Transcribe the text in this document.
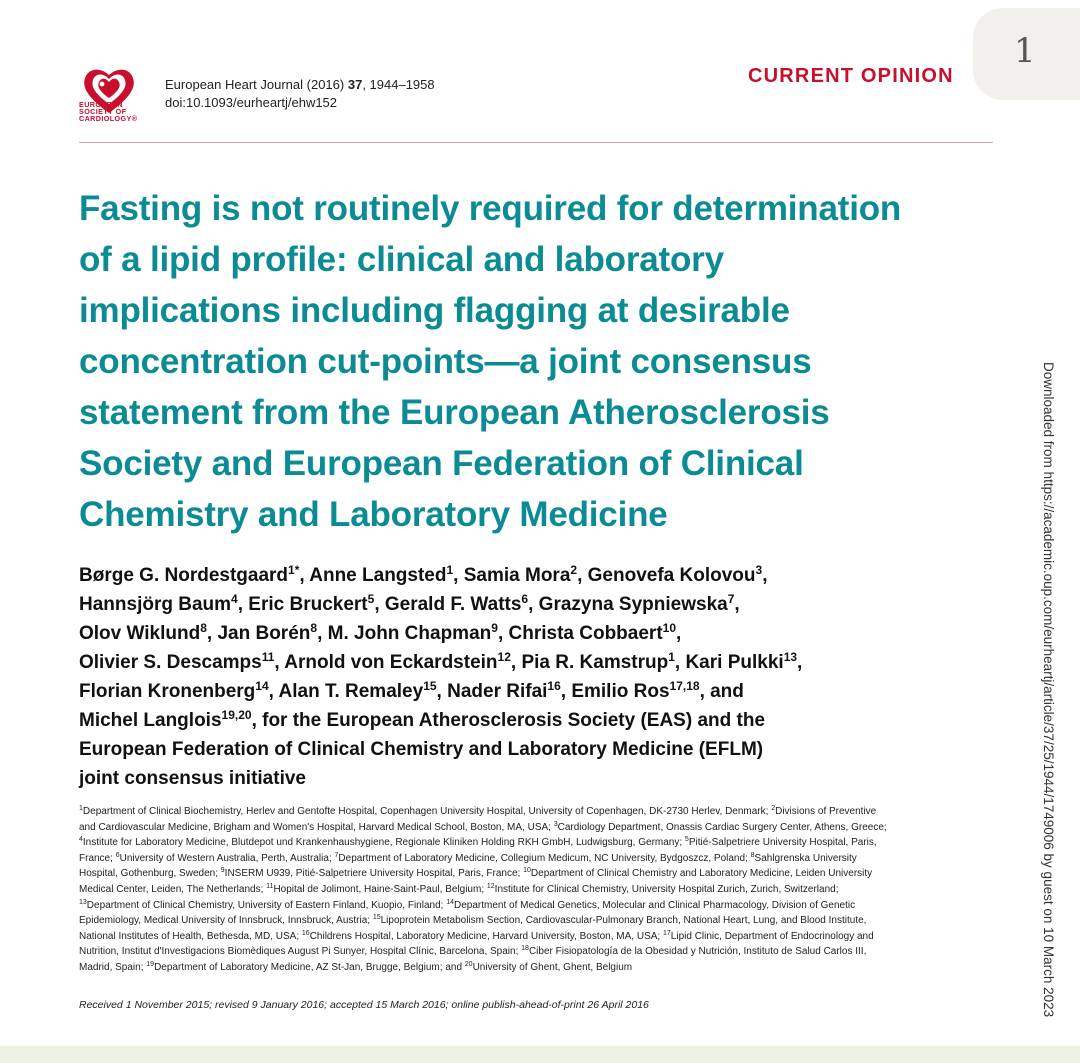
1
EUROPEAN
SOCIETY OF
CARDIOLOGY®
European Heart Journal (2016) 37, 1944–1958
doi:10.1093/eurheartj/ehw152
CURRENT OPINION
Fasting is not routinely required for determination
of a lipid profile: clinical and laboratory
implications including flagging at desirable
concentration cut-points—a joint consensus
statement from the European Atherosclerosis
Society and European Federation of Clinical
Chemistry and Laboratory Medicine
Børge G. Nordestgaard$^{1*}$, Anne Langsted$^1$, Samia Mora$^2$, Genovefa Kolovou$^3$,
Hannsjörg Baum$^4$, Eric Bruckert$^5$, Gerald F. Watts$^6$, Grazyna Sypniewska$^7$,
Olov Wiklund$^8$, Jan Borén$^8$, M. John Chapman$^9$, Christa Cobbaert$^{10}$,
Olivier S. Descamps$^{11}$, Arnold von Eckardstein$^{12}$, Pia R. Kamstrup$^1$, Kari Pulkki$^{13}$,
Florian Kronenberg$^{14}$, Alan T. Remaley$^{15}$, Nader Rifai$^{16}$, Emilio Ros$^{17,18}$, and
Michel Langlois$^{19,20}$, for the European Atherosclerosis Society (EAS) and the
European Federation of Clinical Chemistry and Laboratory Medicine (EFLM)
joint consensus initiative
$^1$Department of Clinical Biochemistry, Herlev and Gentofte Hospital, Copenhagen University Hospital, University of Copenhagen, DK-2730 Herlev, Denmark; $^2$Divisions of Preventive
and Cardiovascular Medicine, Brigham and Women's Hospital, Harvard Medical School, Boston, MA, USA; $^3$Cardiology Department, Onassis Cardiac Surgery Center, Athens, Greece;
$^4$Institute for Laboratory Medicine, Blutdepot und Krankenhaushygiene, Regionale Kliniken Holding RKH GmbH, Ludwigsburg, Germany; $^5$Pitié-Salpetriere University Hospital, Paris,
France; $^6$University of Western Australia, Perth, Australia; $^7$Department of Laboratory Medicine, Collegium Medicum, NC University, Bydgoszcz, Poland; $^8$Sahlgrenska University
Hospital, Gothenburg, Sweden; $^9$INSERM U939, Pitié-Salpetriere University Hospital, Paris, France; $^{10}$Department of Clinical Chemistry and Laboratory Medicine, Leiden University
Medical Center, Leiden, The Netherlands; $^{11}$Hopital de Jolimont, Haine-Saint-Paul, Belgium; $^{12}$Institute for Clinical Chemistry, University Hospital Zurich, Zurich, Switzerland;
$^{13}$Department of Clinical Chemistry, University of Eastern Finland, Kuopio, Finland; $^{14}$Department of Medical Genetics, Molecular and Clinical Pharmacology, Division of Genetic
Epidemiology, Medical University of Innsbruck, Innsbruck, Austria; $^{15}$Lipoprotein Metabolism Section, Cardiovascular-Pulmonary Branch, National Heart, Lung, and Blood Institute,
National Institutes of Health, Bethesda, MD, USA; $^{16}$Childrens Hospital, Laboratory Medicine, Harvard University, Boston, MA, USA; $^{17}$Lipid Clinic, Department of Endocrinology and
Nutrition, Institut d'Investigacions Biomèdiques August Pi Sunyer, Hospital Clínic, Barcelona, Spain; $^{18}$Ciber Fisiopatología de la Obesidad y Nutrición, Instituto de Salud Carlos III,
Madrid, Spain; $^{19}$Department of Laboratory Medicine, AZ St-Jan, Brugge, Belgium; and $^{20}$University of Ghent, Ghent, Belgium
Received 1 November 2015; revised 9 January 2016; accepted 15 March 2016; online publish-ahead-of-print 26 April 2016	Downloaded from https://academic.oup.com/eurheartj/article/37/25/1944/1749006 by guest on 10 March 2023
